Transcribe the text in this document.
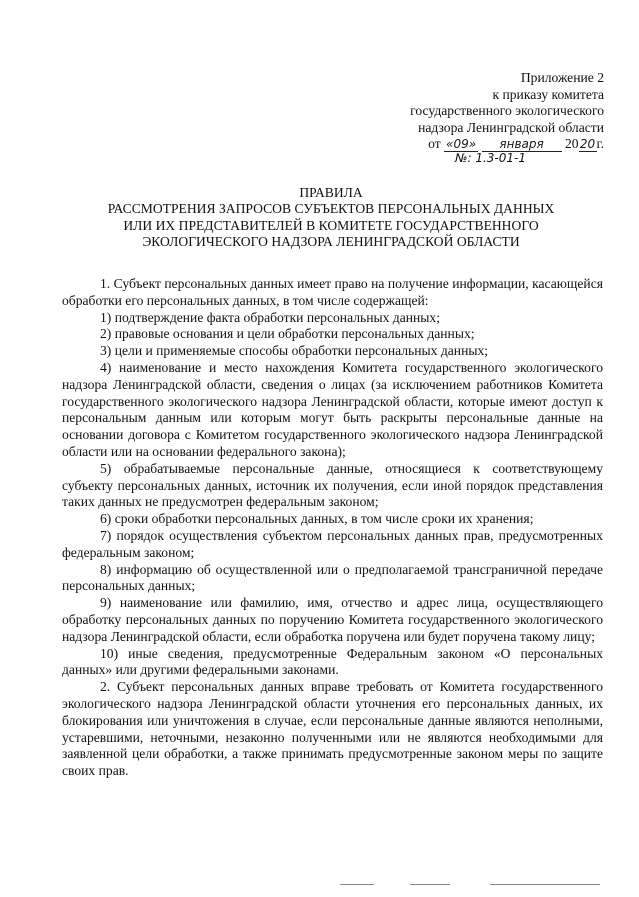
Приложение 2
к приказу комитета
государственного экологического
надзора Ленинградской области
от «09» января 2020г.
№: 1.3-01-1
ПРАВИЛА
РАССМОТРЕНИЯ ЗАПРОСОВ СУБЪЕКТОВ ПЕРСОНАЛЬНЫХ ДАННЫХ
ИЛИ ИХ ПРЕДСТАВИТЕЛЕЙ В КОМИТЕТЕ ГОСУДАРСТВЕННОГО
ЭКОЛОГИЧЕСКОГО НАДЗОРА ЛЕНИНГРАДСКОЙ ОБЛАСТИ

1. Субъект персональных данных имеет право на получение информации, касающейся обработки его персональных данных, в том числе содержащей:

1) подтверждение факта обработки персональных данных;

2) правовые основания и цели обработки персональных данных;

3) цели и применяемые способы обработки персональных данных;

4) наименование и место нахождения Комитета государственного экологического надзора Ленинградской области, сведения о лицах (за исключением работников Комитета государственного экологического надзора Ленинградской области, которые имеют доступ к персональным данным или которым могут быть раскрыты персональные данные на основании договора с Комитетом государственного экологического надзора Ленинградской области или на основании федерального закона);

5) обрабатываемые персональные данные, относящиеся к соответствующему субъекту персональных данных, источник их получения, если иной порядок представления таких данных не предусмотрен федеральным законом;

6) сроки обработки персональных данных, в том числе сроки их хранения;

7) порядок осуществления субъектом персональных данных прав, предусмотренных федеральным законом;

8) информацию об осуществленной или о предполагаемой трансграничной передаче персональных данных;

9) наименование или фамилию, имя, отчество и адрес лица, осуществляющего обработку персональных данных по поручению Комитета государственного экологического надзора Ленинградской области, если обработка поручена или будет поручена такому лицу;

10) иные сведения, предусмотренные Федеральным законом «О персональных данных» или другими федеральными законами.

2. Субъект персональных данных вправе требовать от Комитета государственного экологического надзора Ленинградской области уточнения его персональных данных, их блокирования или уничтожения в случае, если персональные данные являются неполными, устаревшими, неточными, незаконно полученными или не являются необходимыми для заявленной цели обработки, а также принимать предусмотренные законом меры по защите своих прав.
